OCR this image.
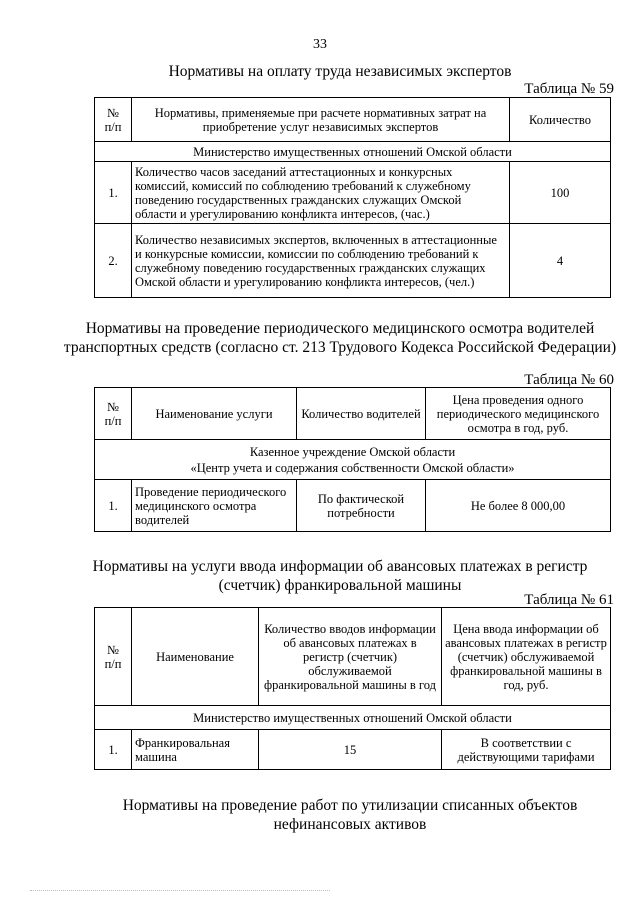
33
Нормативы на оплату труда независимых экспертов
Таблица № 59
№
п/п	Нормативы, применяемые при расчете нормативных затрат на приобретение услуг независимых экспертов	Количество
Министерство имущественных отношений Омской области		
1.	Количество часов заседаний аттестационных и конкурсных комиссий, комиссий по соблюдению требований к служебному поведению государственных гражданских служащих Омской области и урегулированию конфликта интересов, (час.)	100
2.	Количество независимых экспертов, включенных в аттестационные и конкурсные комиссии, комиссии по соблюдению требований к служебному поведению государственных гражданских служащих Омской области и урегулированию конфликта интересов, (чел.)	4
Нормативы на проведение периодического медицинского осмотра водителей транспортных средств (согласно ст. 213 Трудового Кодекса Российской Федерации)
Таблица № 60
№
п/п	Наименование услуги	Количество водителей	Цена проведения одного периодического медицинского осмотра в год, руб.
Казенное учреждение Омской области
«Центр учета и содержания собственности Омской области»			
1.	Проведение периодического медицинского осмотра водителей	По фактической потребности	Не более 8 000,00
Нормативы на услуги ввода информации об авансовых платежах в регистр (счетчик) франкировальной машины
Таблица № 61
№
п/п	Наименование	Количество вводов информации об авансовых платежах в регистр (счетчик) обслуживаемой франкировальной машины в год	Цена ввода информации об авансовых платежах в регистр (счетчик) обслуживаемой франкировальной машины в год, руб.
Министерство имущественных отношений Омской области			
1.	Франкировальная машина	15	В соответствии с действующими тарифами
Нормативы на проведение работ по утилизации списанных объектов нефинансовых активов
